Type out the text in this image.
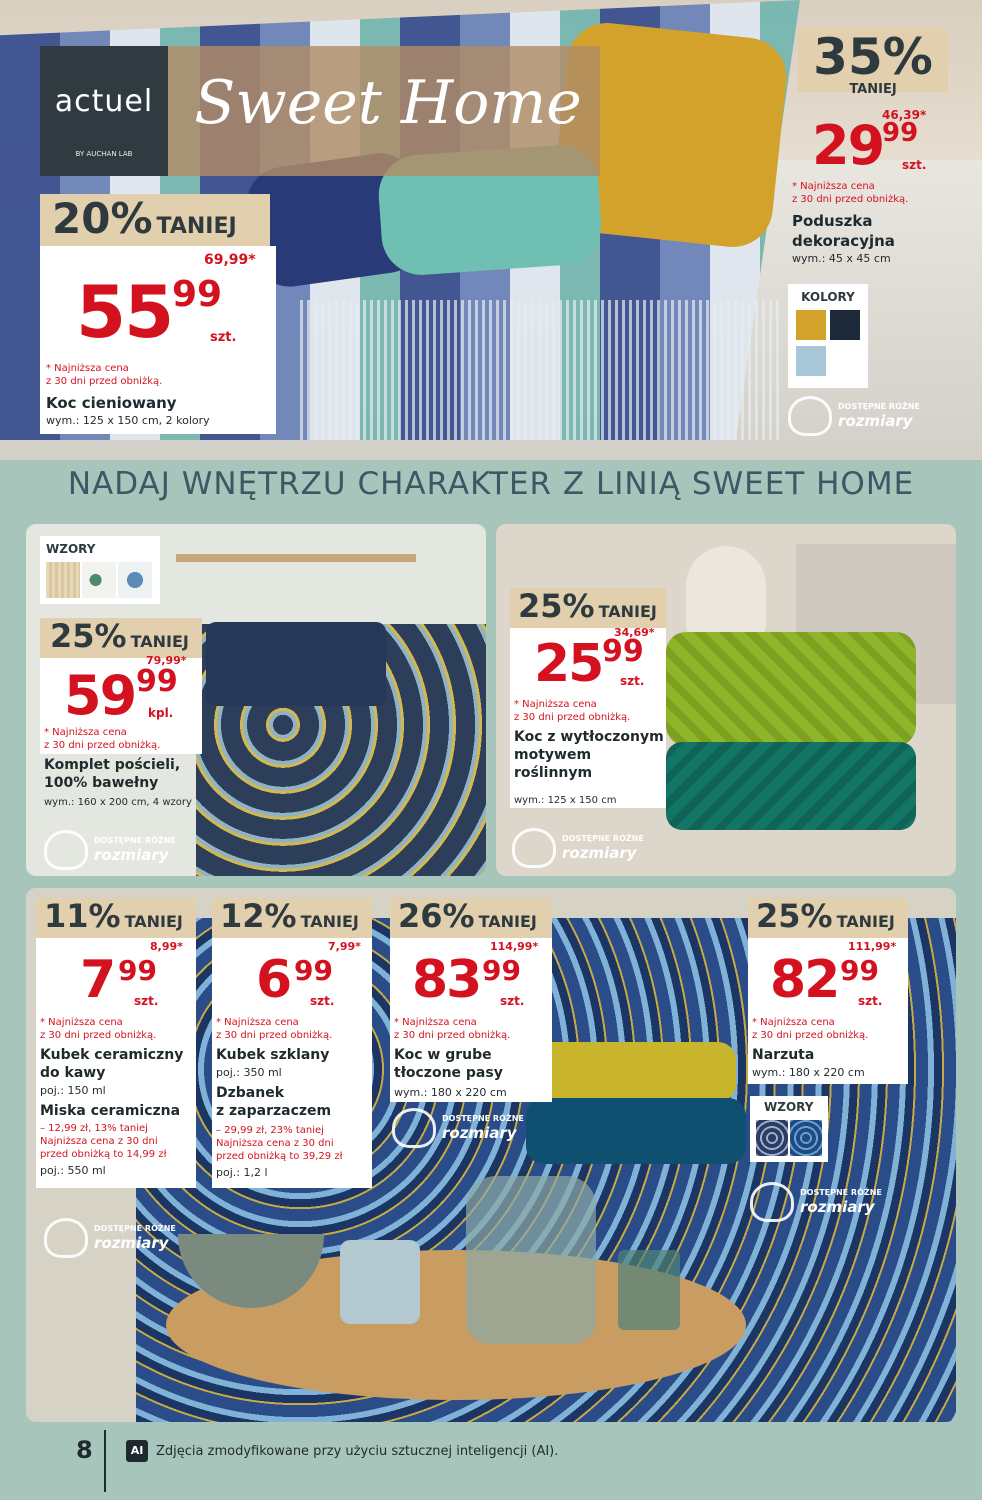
actuel
BY AUCHAN LAB
Sweet Home
35%
TANIEJ
46,39*
29
99
szt.
* Najniższa cena
z 30 dni przed obniżką.
Poduszka
dekoracyjna
wym.: 45 x 45 cm
KOLORY
DOSTĘPNE RÓŻNE
rozmiary
20% TANIEJ
69,99*
55 99
szt.
* Najniższa cena
z 30 dni przed obniżką.
Koc cieniowany
wym.: 125 x 150 cm, 2 kolory
NADAJ WNĘTRZU CHARAKTER Z LINIĄ SWEET HOME
WZORY
25% TANIEJ
79,99*
59 99
kpl.
* Najniższa cena
z 30 dni przed obniżką.
Komplet pościeli,
100% bawełny
wym.: 160 x 200 cm, 4 wzory
DOSTĘPNE RÓŻNE
rozmiary
25% TANIEJ
34,69*
25 99
szt.
* Najniższa cena
z 30 dni przed obniżką.
Koc z wytłoczonym
motywem
roślinnym
wym.: 125 x 150 cm
DOSTĘPNE RÓŻNE
rozmiary
11% TANIEJ
8,99*
7 99
szt.
* Najniższa cena
z 30 dni przed obniżką.
Kubek ceramiczny
do kawy
poj.: 150 ml
Miska ceramiczna
– 12,99 zł, 13% taniej
Najniższa cena z 30 dni
przed obniżką to 14,99 zł
poj.: 550 ml
12% TANIEJ
7,99*
6 99
szt.
* Najniższa cena
z 30 dni przed obniżką.
Kubek szklany
poj.: 350 ml
Dzbanek
z zaparzaczem
– 29,99 zł, 23% taniej
Najniższa cena z 30 dni
przed obniżką to 39,29 zł
poj.: 1,2 l
26% TANIEJ
114,99*
83 99
szt.
* Najniższa cena
z 30 dni przed obniżką.
Koc w grube
tłoczone pasy
wym.: 180 x 220 cm
25% TANIEJ
111,99*
82 99
szt.
* Najniższa cena
z 30 dni przed obniżką.
Narzuta
wym.: 180 x 220 cm
WZORY
DOSTĘPNE RÓŻNE
rozmiary
DOSTĘPNE RÓŻNE
rozmiary
DOSTĘPNE RÓŻNE
rozmiary
8	AI Zdjęcia zmodyfikowane przy użyciu sztucznej inteligencji (AI).
